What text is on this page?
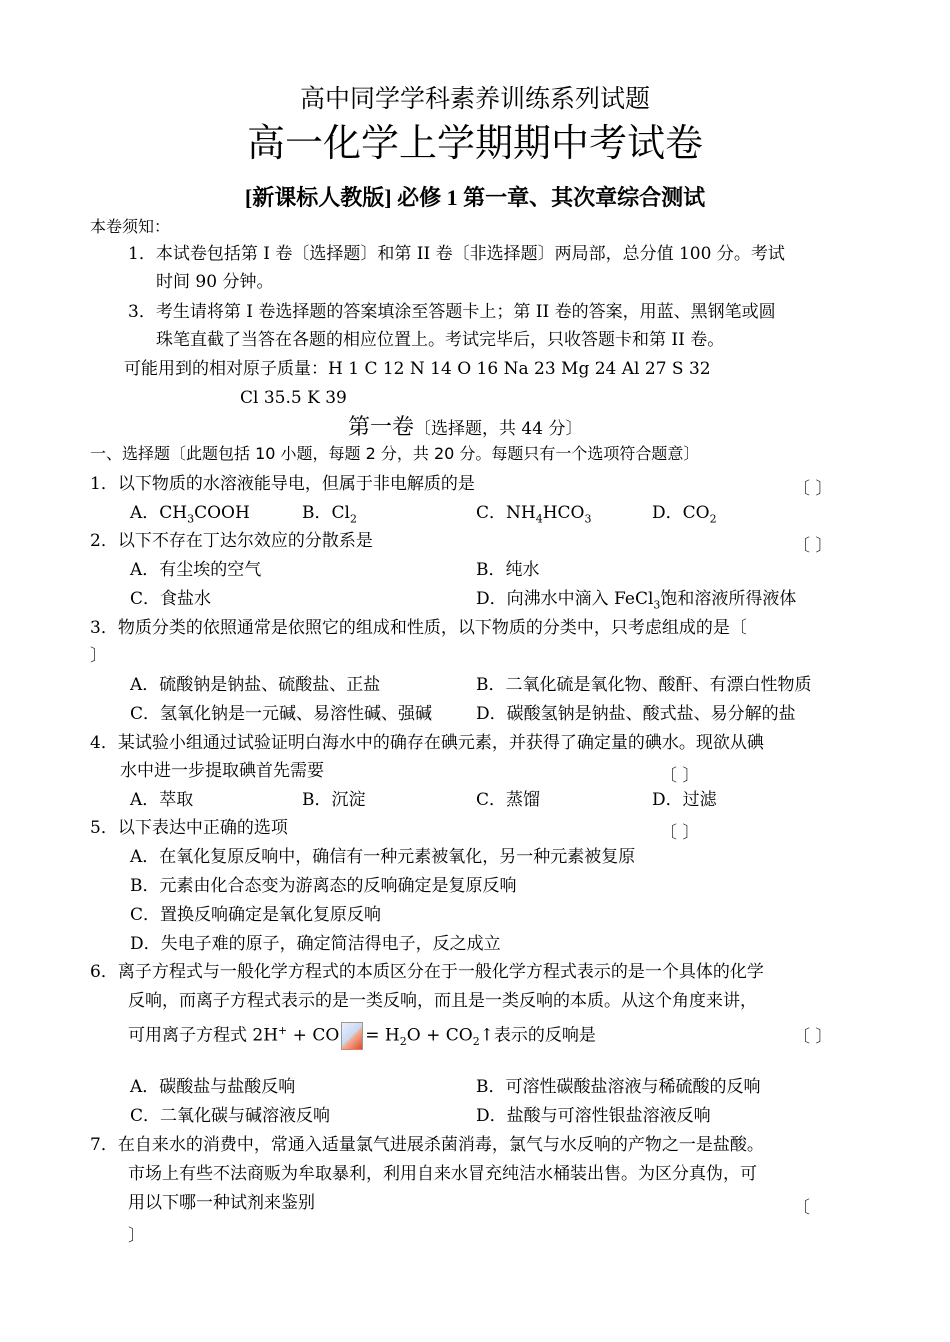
高中同学学科素养训练系列试题
高一化学上学期期中考试卷
[新课标人教版] 必修 1 第一章、其次章综合测试
本卷须知：
1．本试卷包括第 I 卷〔选择题〕和第 II 卷〔非选择题〕两局部，总分值 100 分。考试
时间 90 分钟。
3．考生请将第 I 卷选择题的答案填涂至答题卡上；第 II 卷的答案，用蓝、黑钢笔或圆
珠笔直截了当答在各题的相应位置上。考试完毕后，只收答题卡和第 II 卷。
可能用到的相对原子质量：H 1 C 12 N 14 O 16 Na 23 Mg 24 Al 27 S 32
Cl 35.5 K 39
第一卷〔选择题，共 44 分〕
一、选择题〔此题包括 10 小题，每题 2 分，共 20 分。每题只有一个选项符合题意〕
1．以下物质的水溶液能导电，但属于非电解质的是	〔 〕
A．$CH_3COOH$	B．$Cl_2$	C．$NH_4HCO_3$	D．$CO_2$
2．以下不存在丁达尔效应的分散系是	〔 〕
A．有尘埃的空气	B．纯水
C．食盐水	D．向沸水中滴入 FeCl$_3$饱和溶液所得液体
3．物质分类的依照通常是依照它的组成和性质，以下物质的分类中，只考虑组成的是〔
〕
A．硫酸钠是钠盐、硫酸盐、正盐	B．二氧化硫是氧化物、酸酐、有漂白性物质
C．氢氧化钠是一元碱、易溶性碱、强碱	D．碳酸氢钠是钠盐、酸式盐、易分解的盐
4．某试验小组通过试验证明白海水中的确存在碘元素，并获得了确定量的碘水。现欲从碘
水中进一步提取碘首先需要	〔 〕
A．萃取	B．沉淀	C．蒸馏	D．过滤
5．以下表达中正确的选项	〔 〕
A．在氧化复原反响中，确信有一种元素被氧化，另一种元素被复原
B．元素由化合态变为游离态的反响确定是复原反响
C．置换反响确定是氧化复原反响
D．失电子难的原子，确定简洁得电子，反之成立
6．离子方程式与一般化学方程式的本质区分在于一般化学方程式表示的是一个具体的化学
反响，而离子方程式表示的是一类反响，而且是一类反响的本质。从这个角度来讲，
可用离子方程式 2H+ + CO = $H_2O$ + $CO_2↑$表示的反响是	〔 〕
A．碳酸盐与盐酸反响	B．可溶性碳酸盐溶液与稀硫酸的反响
C．二氧化碳与碱溶液反响	D．盐酸与可溶性银盐溶液反响
7．在自来水的消费中，常通入适量氯气进展杀菌消毒，氯气与水反响的产物之一是盐酸。
市场上有些不法商贩为牟取暴利，利用自来水冒充纯洁水桶装出售。为区分真伪，可
用以下哪一种试剂来鉴别	〔
〕
